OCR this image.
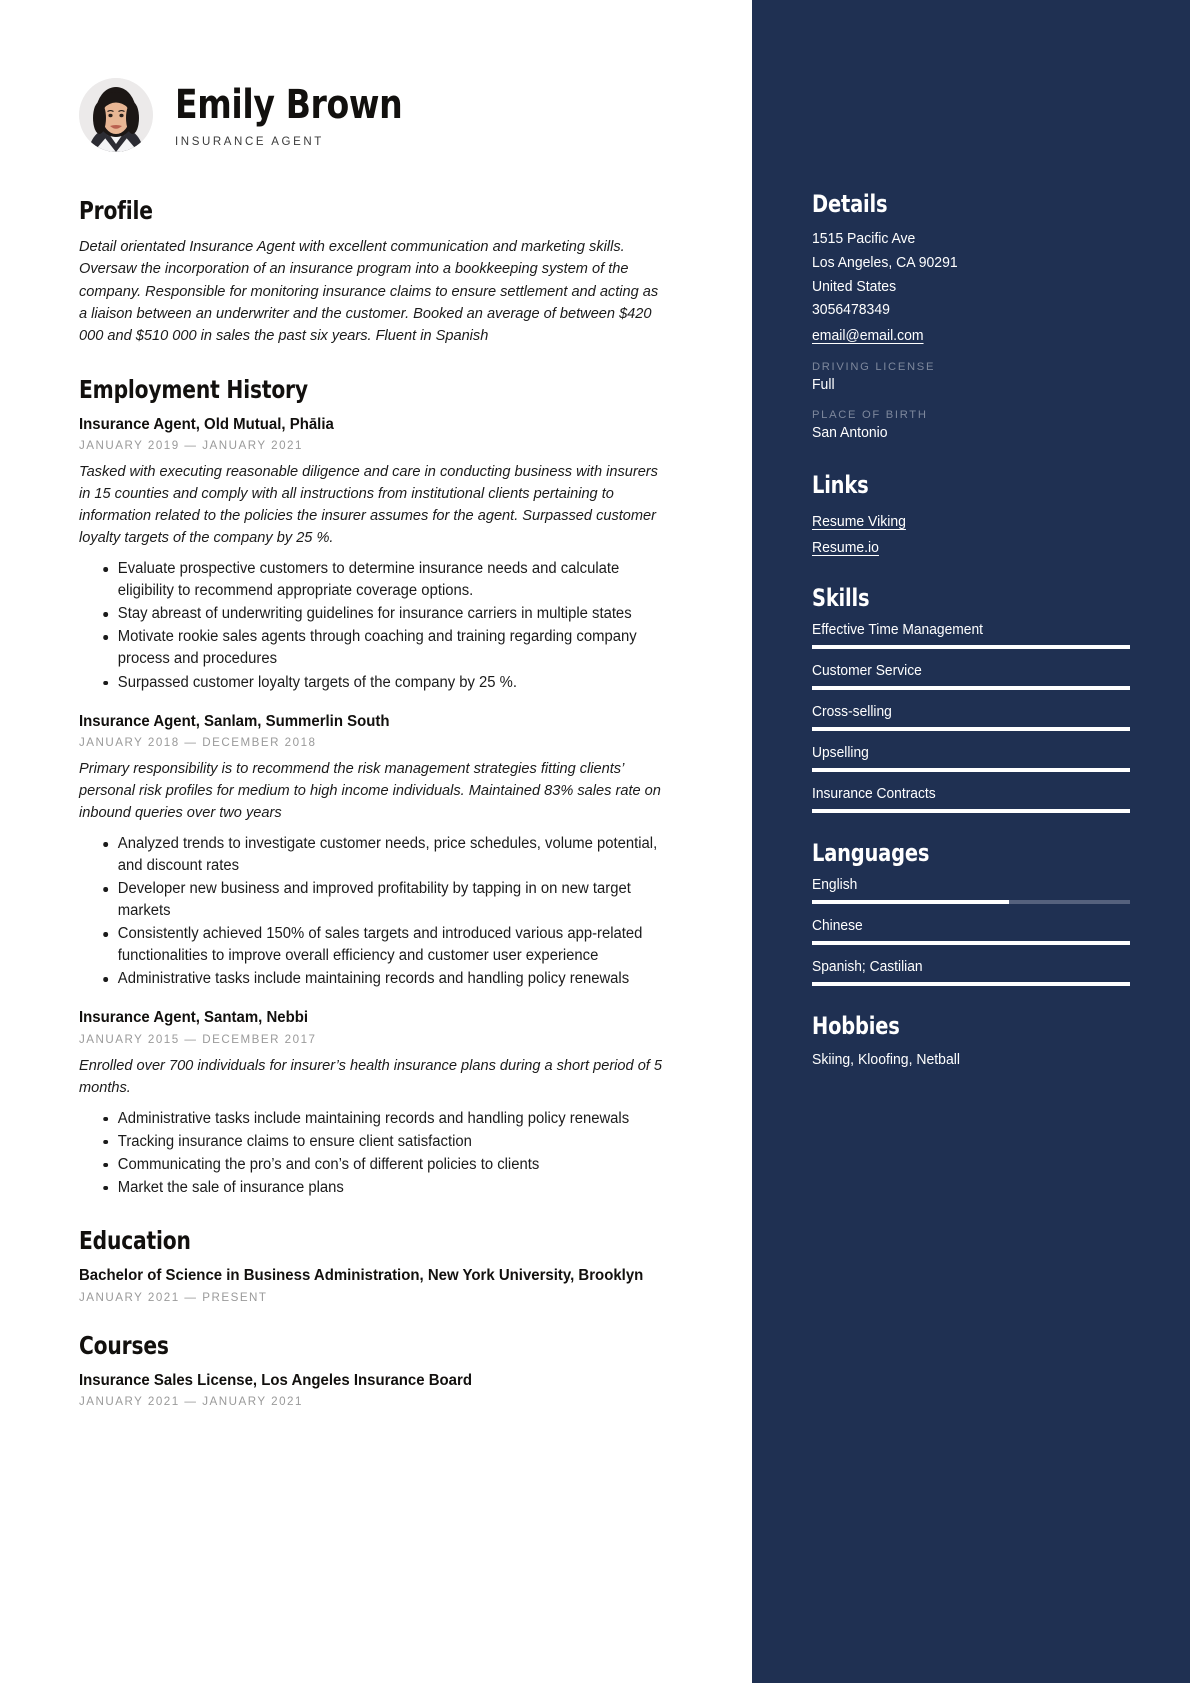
Emily Brown
INSURANCE AGENT
Profile
Detail orientated Insurance Agent with excellent communication and marketing skills. Oversaw the incorporation of an insurance program into a bookkeeping system of the company. Responsible for monitoring insurance claims to ensure settlement and acting as a liaison between an underwriter and the customer. Booked an average of between $420 000 and $510 000 in sales the past six years. Fluent in Spanish
Employment History
Insurance Agent, Old Mutual, Phālia
JANUARY 2019 — JANUARY 2021
Tasked with executing reasonable diligence and care in conducting business with insurers in 15 counties and comply with all instructions from institutional clients pertaining to information related to the policies the insurer assumes for the agent. Surpassed customer loyalty targets of the company by 25 %.
Evaluate prospective customers to determine insurance needs and calculate eligibility to recommend appropriate coverage options.
Stay abreast of underwriting guidelines for insurance carriers in multiple states
Motivate rookie sales agents through coaching and training regarding company process and procedures
Surpassed customer loyalty targets of the company by 25 %.
Insurance Agent, Sanlam, Summerlin South
JANUARY 2018 — DECEMBER 2018
Primary responsibility is to recommend the risk management strategies fitting clients’ personal risk profiles for medium to high income individuals. Maintained 83% sales rate on inbound queries over two years
Analyzed trends to investigate customer needs, price schedules, volume potential, and discount rates
Developer new business and improved profitability by tapping in on new target markets
Consistently achieved 150% of sales targets and introduced various app-related functionalities to improve overall efficiency and customer user experience
Administrative tasks include maintaining records and handling policy renewals
Insurance Agent, Santam, Nebbi
JANUARY 2015 — DECEMBER 2017
Enrolled over 700 individuals for insurer’s health insurance plans during a short period of 5 months.
Administrative tasks include maintaining records and handling policy renewals
Tracking insurance claims to ensure client satisfaction
Communicating the pro’s and con’s of different policies to clients
Market the sale of insurance plans
Education
Bachelor of Science in Business Administration, New York University, Brooklyn
JANUARY 2021 — PRESENT
Courses
Insurance Sales License, Los Angeles Insurance Board
JANUARY 2021 — JANUARY 2021
Details
1515 Pacific Ave
Los Angeles, CA 90291
United States
3056478349
email@email.com
DRIVING LICENSE
Full
PLACE OF BIRTH
San Antonio
Links
Resume Viking
Resume.io
Skills
Effective Time Management
Customer Service
Cross-selling
Upselling
Insurance Contracts
Languages
English
Chinese
Spanish; Castilian
Hobbies
Skiing, Kloofing, Netball
